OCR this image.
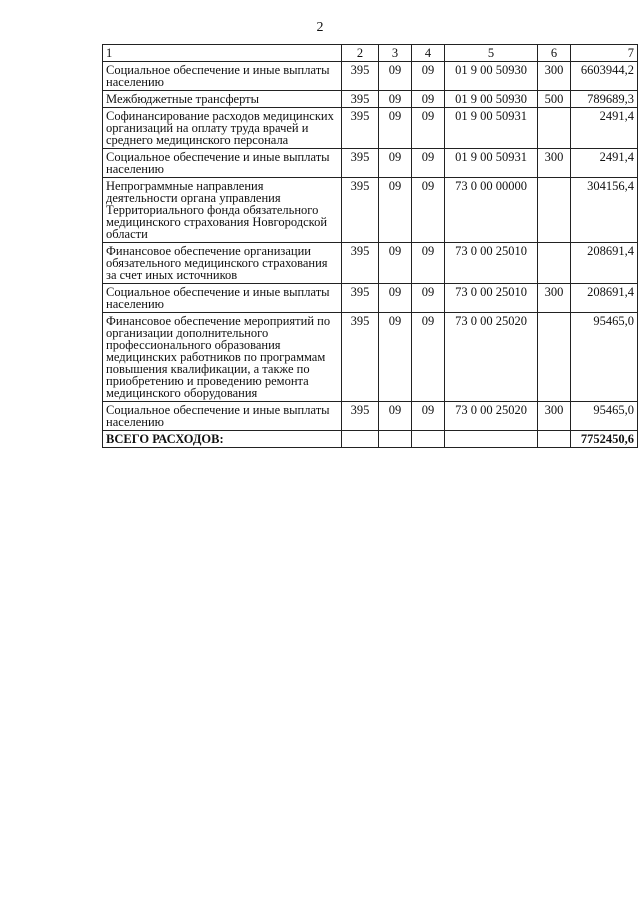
2
1	2	3	4	5	6	7
Социальное обеспечение и иные выплаты населению	395	09	09	01 9 00 50930	300	6603944,2
Межбюджетные трансферты	395	09	09	01 9 00 50930	500	789689,3
Софинансирование расходов медицинских организаций на оплату труда врачей и среднего медицинского персонала	395	09	09	01 9 00 50931		2491,4
Социальное обеспечение и иные выплаты населению	395	09	09	01 9 00 50931	300	2491,4
Непрограммные направления деятельности органа управления Территориального фонда обязательного медицинского страхования Новгородской области	395	09	09	73 0 00 00000		304156,4
Финансовое обеспечение организации обязательного медицинского страхования за счет иных источников	395	09	09	73 0 00 25010		208691,4
Социальное обеспечение и иные выплаты населению	395	09	09	73 0 00 25010	300	208691,4
Финансовое обеспечение мероприятий по организации дополнительного профессионального образования медицинских работников по программам повышения квалификации, а также по приобретению и проведению ремонта медицинского оборудования	395	09	09	73 0 00 25020		95465,0
Социальное обеспечение и иные выплаты населению	395	09	09	73 0 00 25020	300	95465,0
ВСЕГО РАСХОДОВ:						7752450,6
